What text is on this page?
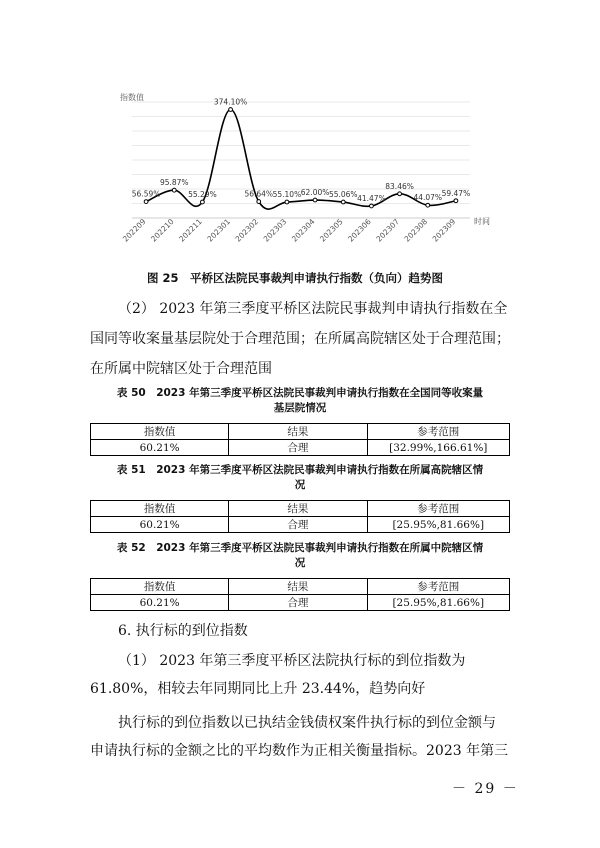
指数值
时间
56.59%
95.87%
55.29%
374.10%
56.64% 55.10% 62.00% 55.06% 41.47%
83.46%
44.07% 59.47%
202209 202210 202211 202301 202302 202303 202304 202305 202306 202307 202308 202309
图 25　平桥区法院民事裁判申请执行指数（负向）趋势图
（2） 2023 年第三季度平桥区法院民事裁判申请执行指数在全
国同等收案量基层院处于合理范围；在所属高院辖区处于合理范围；
在所属中院辖区处于合理范围
表 50　2023 年第三季度平桥区法院民事裁判申请执行指数在全国同等收案量
基层院情况
指数值	结果	参考范围
60.21%	合理	[32.99%,166.61%]
表 51　2023 年第三季度平桥区法院民事裁判申请执行指数在所属高院辖区情
况
指数值	结果	参考范围
60.21%	合理	[25.95%,81.66%]
表 52　2023 年第三季度平桥区法院民事裁判申请执行指数在所属中院辖区情
况
指数值	结果	参考范围
60.21%	合理	[25.95%,81.66%]
6. 执行标的到位指数
（1） 2023 年第三季度平桥区法院执行标的到位指数为
61.80%，相较去年同期同比上升 23.44%，趋势向好
执行标的到位指数以已执结金钱债权案件执行标的到位金额与
申请执行标的金额之比的平均数作为正相关衡量指标。2023 年第三
－ 29 －
